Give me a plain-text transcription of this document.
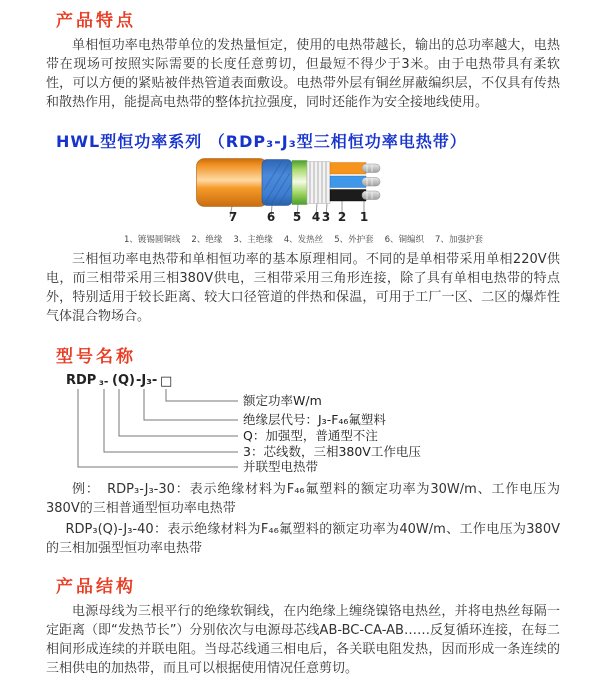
产品特点

单相恒功率电热带单位的发热量恒定，使用的电热带越长，输出的总功率越大，电热带在现场可按照实际需要的长度任意剪切，但最短不得少于3米。由于电热带具有柔软性，可以方便的紧贴被伴热管道表面敷设。电热带外层有铜丝屏蔽编织层，不仅具有传热和散热作用，能提高电热带的整体抗拉强度，同时还能作为安全接地线使用。

HWL型恒功率系列 （RDP₃-J₃型三相恒功率电热带）
7 6 5 4 3 2 1
1、镀锡圆铜线 2、绝缘 3、主绝缘 4、发热丝 5、外护套 6、铜编织 7、加强护套

三相恒功率电热带和单相恒功率的基本原理相同。不同的是单相带采用单相220V供电，而三相带采用三相380V供电，三相带采用三角形连接，除了具有单相电热带的特点外，特别适用于较长距离、较大口径管道的伴热和保温，可用于工厂一区、二区的爆炸性气体混合物场合。

型号名称
RDP ₃- (Q) -J₃- □
额定功率W/m
绝缘层代号：J₃-F₄₆氟塑料
Q：加强型，普通型不注
3：芯线数，三相380V工作电压
并联型电热带

例：　RDP₃-J₃-30：表示绝缘材料为F₄₆氟塑料的额定功率为30W/m、工作电压为380V的三相普通型恒功率电热带

RDP₃(Q)-J₃-40：表示绝缘材料为F₄₆氟塑料的额定功率为40W/m、工作电压为380V的三相加强型恒功率电热带

产品结构

电源母线为三根平行的绝缘软铜线，在内绝缘上缠绕镍铬电热丝，并将电热丝每隔一定距离（即“发热节长”）分别依次与电源母芯线AB-BC-CA-AB……反复循环连接，在每二相间形成连续的并联电阻。当母芯线通三相电后，各关联电阻发热，因而形成一条连续的三相供电的加热带，而且可以根据使用情况任意剪切。
